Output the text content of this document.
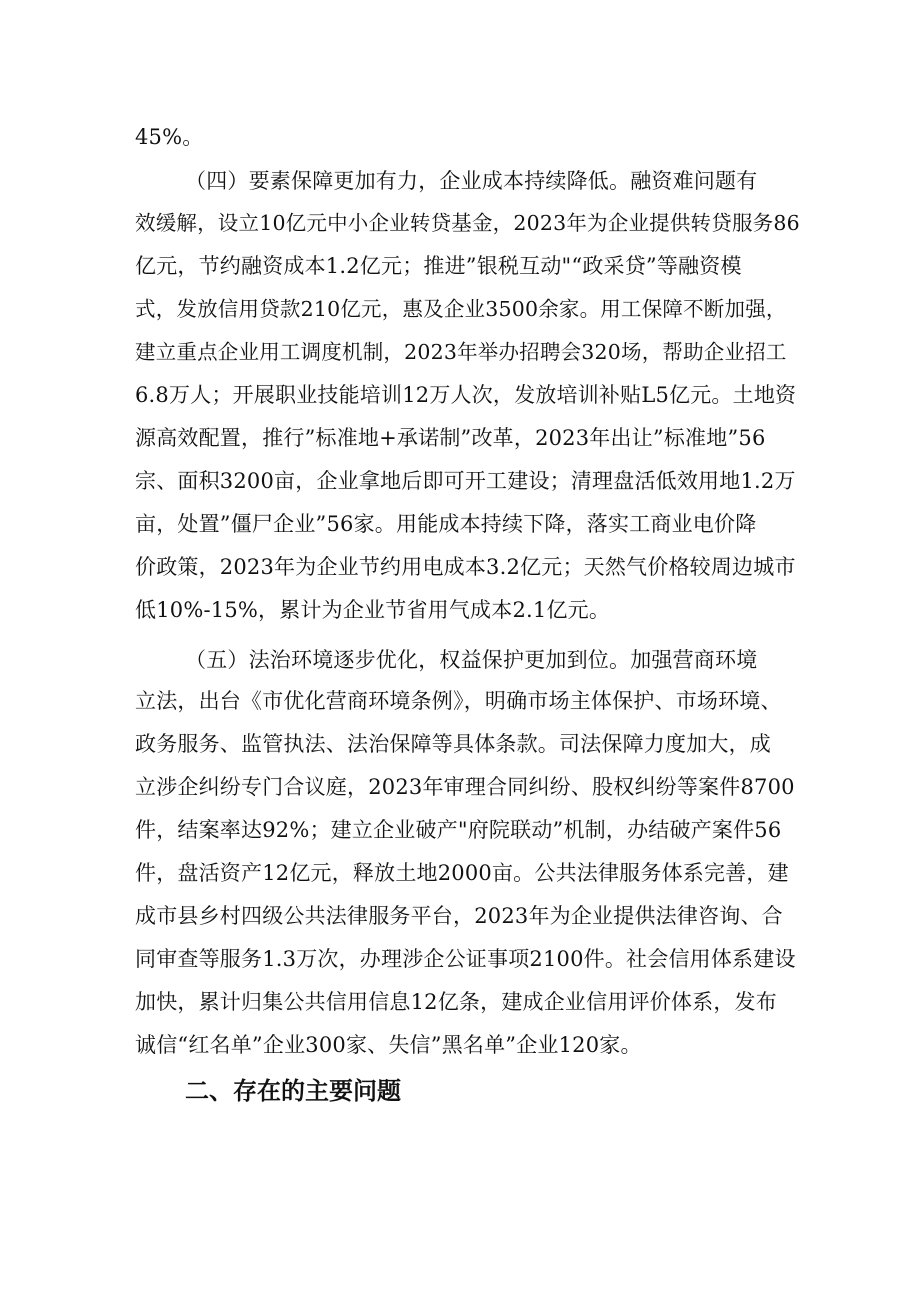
45%。
（四）要素保障更加有力，企业成本持续降低。融资难问题有
效缓解，设立10亿元中小企业转贷基金，2023年为企业提供转贷服务86
亿元，节约融资成本1.2亿元；推进”银税互动"“政采贷”等融资模
式，发放信用贷款210亿元，惠及企业3500余家。用工保障不断加强，
建立重点企业用工调度机制，2023年举办招聘会320场，帮助企业招工
6.8万人；开展职业技能培训12万人次，发放培训补贴L5亿元。土地资
源高效配置，推行”标准地+承诺制”改革，2023年出让”标准地”56
宗、面积3200亩，企业拿地后即可开工建设；清理盘活低效用地1.2万
亩，处置”僵尸企业”56家。用能成本持续下降，落实工商业电价降
价政策，2023年为企业节约用电成本3.2亿元；天然气价格较周边城市
低10%-15%，累计为企业节省用气成本2.1亿元。
（五）法治环境逐步优化，权益保护更加到位。加强营商环境
立法，出台《市优化营商环境条例》，明确市场主体保护、市场环境、
政务服务、监管执法、法治保障等具体条款。司法保障力度加大，成
立涉企纠纷专门合议庭，2023年审理合同纠纷、股权纠纷等案件8700
件，结案率达92%；建立企业破产"府院联动”机制，办结破产案件56
件，盘活资产12亿元，释放土地2000亩。公共法律服务体系完善，建
成市县乡村四级公共法律服务平台，2023年为企业提供法律咨询、合
同审查等服务1.3万次，办理涉企公证事项2100件。社会信用体系建设
加快，累计归集公共信用信息12亿条，建成企业信用评价体系，发布
诚信“红名单”企业300家、失信”黑名单”企业120家。
二、存在的主要问题
